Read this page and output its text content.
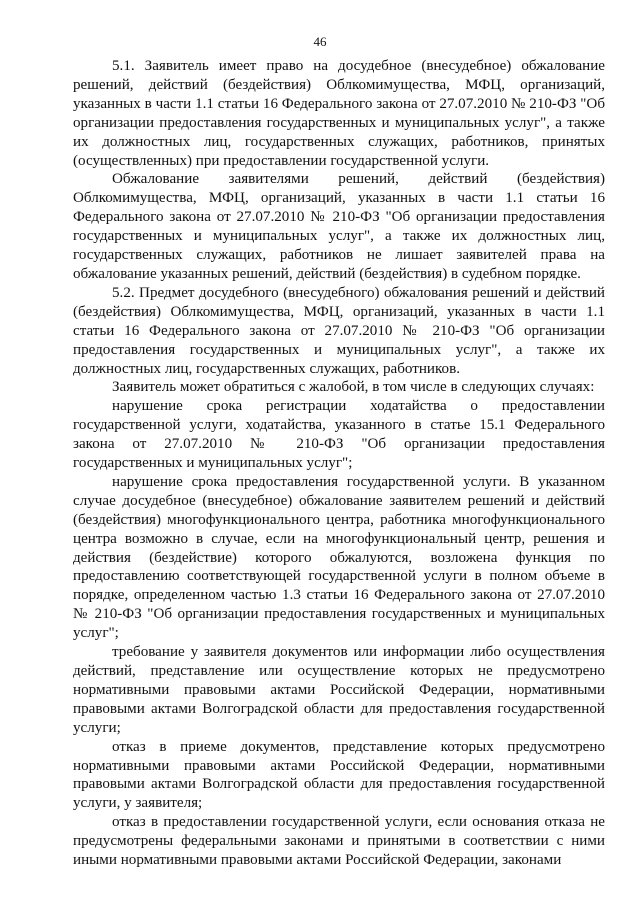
46

5.1. Заявитель имеет право на досудебное (внесудебное) обжалование решений, действий (бездействия) Облкомимущества, МФЦ, организаций, указанных в части 1.1 статьи 16 Федерального закона от 27.07.2010 № 210-ФЗ "Об организации предоставления государственных и муниципальных услуг", а также их должностных лиц, государственных служащих, работников, принятых (осуществленных) при предоставлении государственной услуги.

Обжалование заявителями решений, действий (бездействия) Облкомимущества, МФЦ, организаций, указанных в части 1.1 статьи 16 Федерального закона от 27.07.2010 № 210-ФЗ "Об организации предоставления государственных и муниципальных услуг", а также их должностных лиц, государственных служащих, работников не лишает заявителей права на обжалование указанных решений, действий (бездействия) в судебном порядке.

5.2. Предмет досудебного (внесудебного) обжалования решений и действий (бездействия) Облкомимущества, МФЦ, организаций, указанных в части 1.1 статьи 16 Федерального закона от 27.07.2010 № 210-ФЗ "Об организации предоставления государственных и муниципальных услуг", а также их должностных лиц, государственных служащих, работников.

Заявитель может обратиться с жалобой, в том числе в следующих случаях:

нарушение срока регистрации ходатайства о предоставлении государственной услуги, ходатайства, указанного в статье 15.1 Федерального закона от 27.07.2010 № 210-ФЗ "Об организации предоставления государственных и муниципальных услуг";

нарушение срока предоставления государственной услуги. В указанном случае досудебное (внесудебное) обжалование заявителем решений и действий (бездействия) многофункционального центра, работника многофункционального центра возможно в случае, если на многофункциональный центр, решения и действия (бездействие) которого обжалуются, возложена функция по предоставлению соответствующей государственной услуги в полном объеме в порядке, определенном частью 1.3 статьи 16 Федерального закона от 27.07.2010 № 210-ФЗ "Об организации предоставления государственных и муниципальных услуг";

требование у заявителя документов или информации либо осуществления действий, представление или осуществление которых не предусмотрено нормативными правовыми актами Российской Федерации, нормативными правовыми актами Волгоградской области для предоставления государственной услуги;

отказ в приеме документов, представление которых предусмотрено нормативными правовыми актами Российской Федерации, нормативными правовыми актами Волгоградской области для предоставления государственной услуги, у заявителя;

отказ в предоставлении государственной услуги, если основания отказа не предусмотрены федеральными законами и принятыми в соответствии с ними иными нормативными правовыми актами Российской Федерации, законами
